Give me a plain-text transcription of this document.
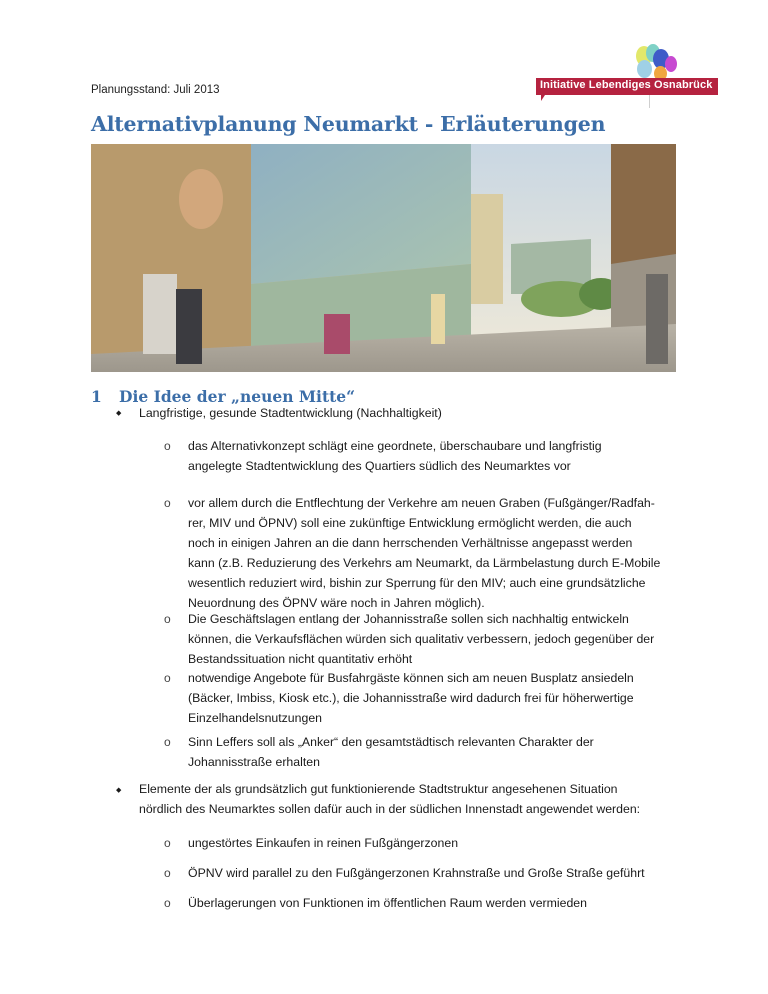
Planungsstand: Juli 2013	Initiative Lebendiges Osnabrück
Alternativplanung Neumarkt - Erläuterungen
1 Die Idee der „neuen Mitte“
◆ Langfristige, gesunde Stadtentwicklung (Nachhaltigkeit)
o das Alternativkonzept schlägt eine geordnete, überschaubare und langfristig
angelegte Stadtentwicklung des Quartiers südlich des Neumarktes vor
o vor allem durch die Entflechtung der Verkehre am neuen Graben (Fußgänger/Radfah-
rer, MIV und ÖPNV) soll eine zukünftige Entwicklung ermöglicht werden, die auch
noch in einigen Jahren an die dann herrschenden Verhältnisse angepasst werden
kann (z.B. Reduzierung des Verkehrs am Neumarkt, da Lärmbelastung durch E-Mobile
wesentlich reduziert wird, bishin zur Sperrung für den MIV; auch eine grundsätzliche
Neuordnung des ÖPNV wäre noch in Jahren möglich).
o Die Geschäftslagen entlang der Johannisstraße sollen sich nachhaltig entwickeln
können, die Verkaufsflächen würden sich qualitativ verbessern, jedoch gegenüber der
Bestandssituation nicht quantitativ erhöht
o notwendige Angebote für Busfahrgäste können sich am neuen Busplatz ansiedeln
(Bäcker, Imbiss, Kiosk etc.), die Johannisstraße wird dadurch frei für höherwertige
Einzelhandelsnutzungen
o Sinn Leffers soll als „Anker“ den gesamtstädtisch relevanten Charakter der
Johannisstraße erhalten
◆ Elemente der als grundsätzlich gut funktionierende Stadtstruktur angesehenen Situation
nördlich des Neumarktes sollen dafür auch in der südlichen Innenstadt angewendet werden:
o ungestörtes Einkaufen in reinen Fußgängerzonen
o ÖPNV wird parallel zu den Fußgängerzonen Krahnstraße und Große Straße geführt
o Überlagerungen von Funktionen im öffentlichen Raum werden vermieden
